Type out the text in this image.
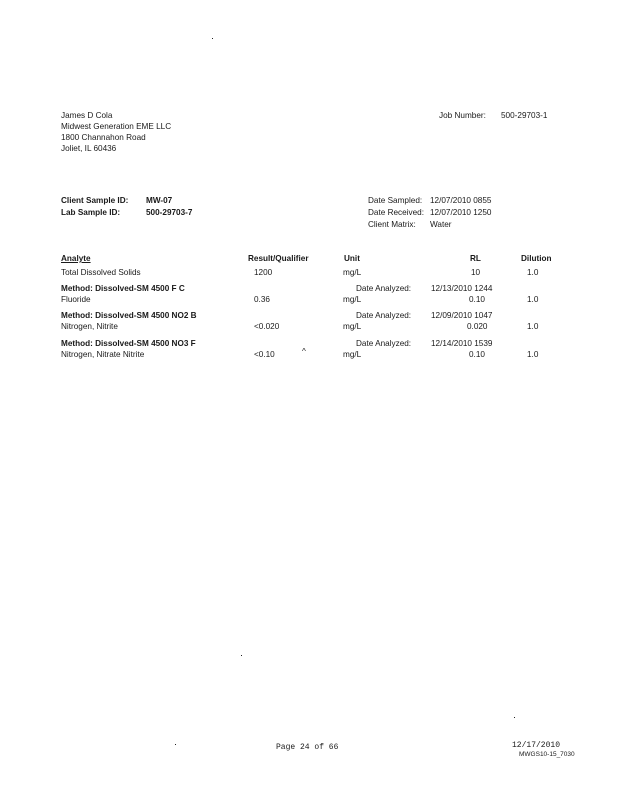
James D Cola
Midwest Generation EME LLC
1800 Channahon Road
Joliet, IL 60436
Job Number: 500-29703-1
Client Sample ID: MW-07
Lab Sample ID:	500-29703-7
Date Sampled: 12/07/2010 0855
Date Received: 12/07/2010 1250
Client Matrix: Water
Analyte	Result/Qualifier	Unit	RL	Dilution
Total Dissolved Solids	1200	mg/L	10	1.0
Method: Dissolved-SM 4500 F C	Date Analyzed: 12/13/2010 1244
Fluoride	0.36	mg/L	0.10	1.0
Method: Dissolved-SM 4500 NO2 B	Date Analyzed: 12/09/2010 1047
Nitrogen, Nitrite	<0.020	mg/L	0.020	1.0
Method: Dissolved-SM 4500 NO3 F	Date Analyzed: 12/14/2010 1539
Nitrogen, Nitrate Nitrite	<0.10	^	mg/L	0.10	1.0
Page 24 of 66	12/17/2010
MWGS10-15_7030
